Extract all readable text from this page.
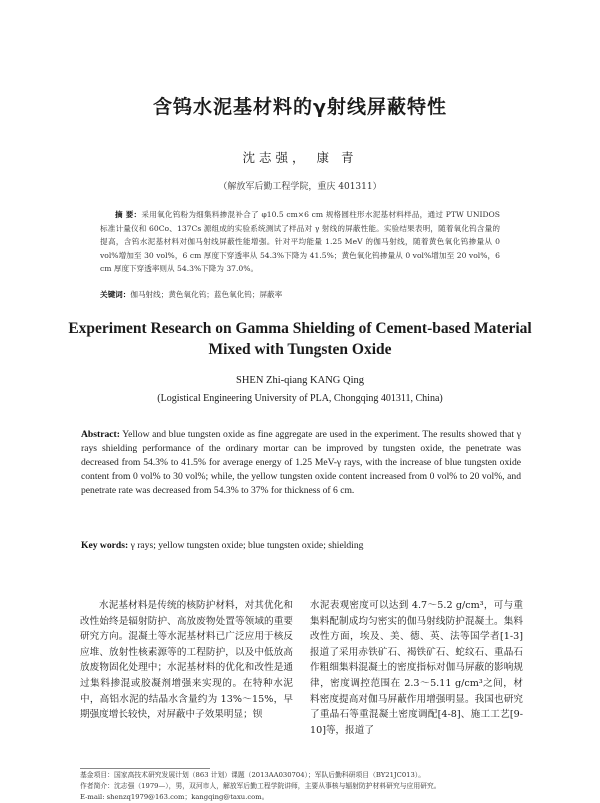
含钨水泥基材料的γ射线屏蔽特性
沈志强， 康 青
（解放军后勤工程学院，重庆 401311）

摘 要：采用氧化钨粉为细集料掺混补合了 φ10.5 cm×6 cm 规格圆柱形水泥基材料样品，通过 PTW UNIDOS 标准计量仪和 60Co、137Cs 源组成的实验系统测试了样品对 γ 射线的屏蔽性能。实验结果表明，随着氧化钨含量的提高，含钨水泥基材料对伽马射线屏蔽性能增强。针对平均能量 1.25 MeV 的伽马射线，随着黄色氧化钨掺量从 0 vol%增加至 30 vol%，6 cm 厚度下穿透率从 54.3%下降为 41.5%；黄色氧化钨掺量从 0 vol%增加至 20 vol%，6 cm 厚度下穿透率则从 54.3%下降为 37.0%。

关键词：伽马射线；黄色氧化钨；蓝色氧化钨；屏蔽率

Experiment Research on Gamma Shielding of Cement-based Material
Mixed with Tungsten Oxide
SHEN Zhi-qiang KANG Qing
(Logistical Engineering University of PLA, Chongqing 401311, China)

Abstract: Yellow and blue tungsten oxide as fine aggregate are used in the experiment. The results showed that γ rays shielding performance of the ordinary mortar can be improved by tungsten oxide, the penetrate was decreased from 54.3% to 41.5% for average energy of 1.25 MeV-γ rays, with the increase of blue tungsten oxide content from 0 vol% to 30 vol%; while, the yellow tungsten oxide content increased from 0 vol% to 20 vol%, and penetrate rate was decreased from 54.3% to 37% for thickness of 6 cm.

Key words: γ rays; yellow tungsten oxide; blue tungsten oxide; shielding

水泥基材料是传统的核防护材料，对其优化和改性始终是辐射防护、高放废物处置等领域的重要研究方向。混凝土等水泥基材料已广泛应用于核反应堆、放射性核素源等的工程防护，以及中低放高放废物固化处理中；水泥基材料的优化和改性是通过集料掺混或胶凝剂增强来实现的。在特种水泥中，高铝水泥的结晶水含量约为 13%～15%，早期强度增长较快，对屏蔽中子效果明显；钡

水泥表观密度可以达到 4.7～5.2 g/cm³，可与重集料配制成均匀密实的伽马射线防护混凝土。集料改性方面，埃及、美、德、英、法等国学者[1-3]报道了采用赤铁矿石、褐铁矿石、蛇纹石、重晶石作粗细集料混凝土的密度指标对伽马屏蔽的影响规律，密度调控范围在 2.3～5.11 g/cm³之间，材料密度提高对伽马屏蔽作用增强明显。我国也研究了重晶石等重混凝土密度调配[4-8]、施工工艺[9-10]等，报道了

基金项目：国家高技术研究发展计划（863 计划）课题（2013AA030704）；军队后勤科研项目（BY21JC013）。
作者简介：沈志强（1979—），男，双河市人，解放军后勤工程学院讲师，主要从事核与辐射防护材料研究与应用研究。
E-mail: shenzq1979@163.com；kangqing@taxu.com。
